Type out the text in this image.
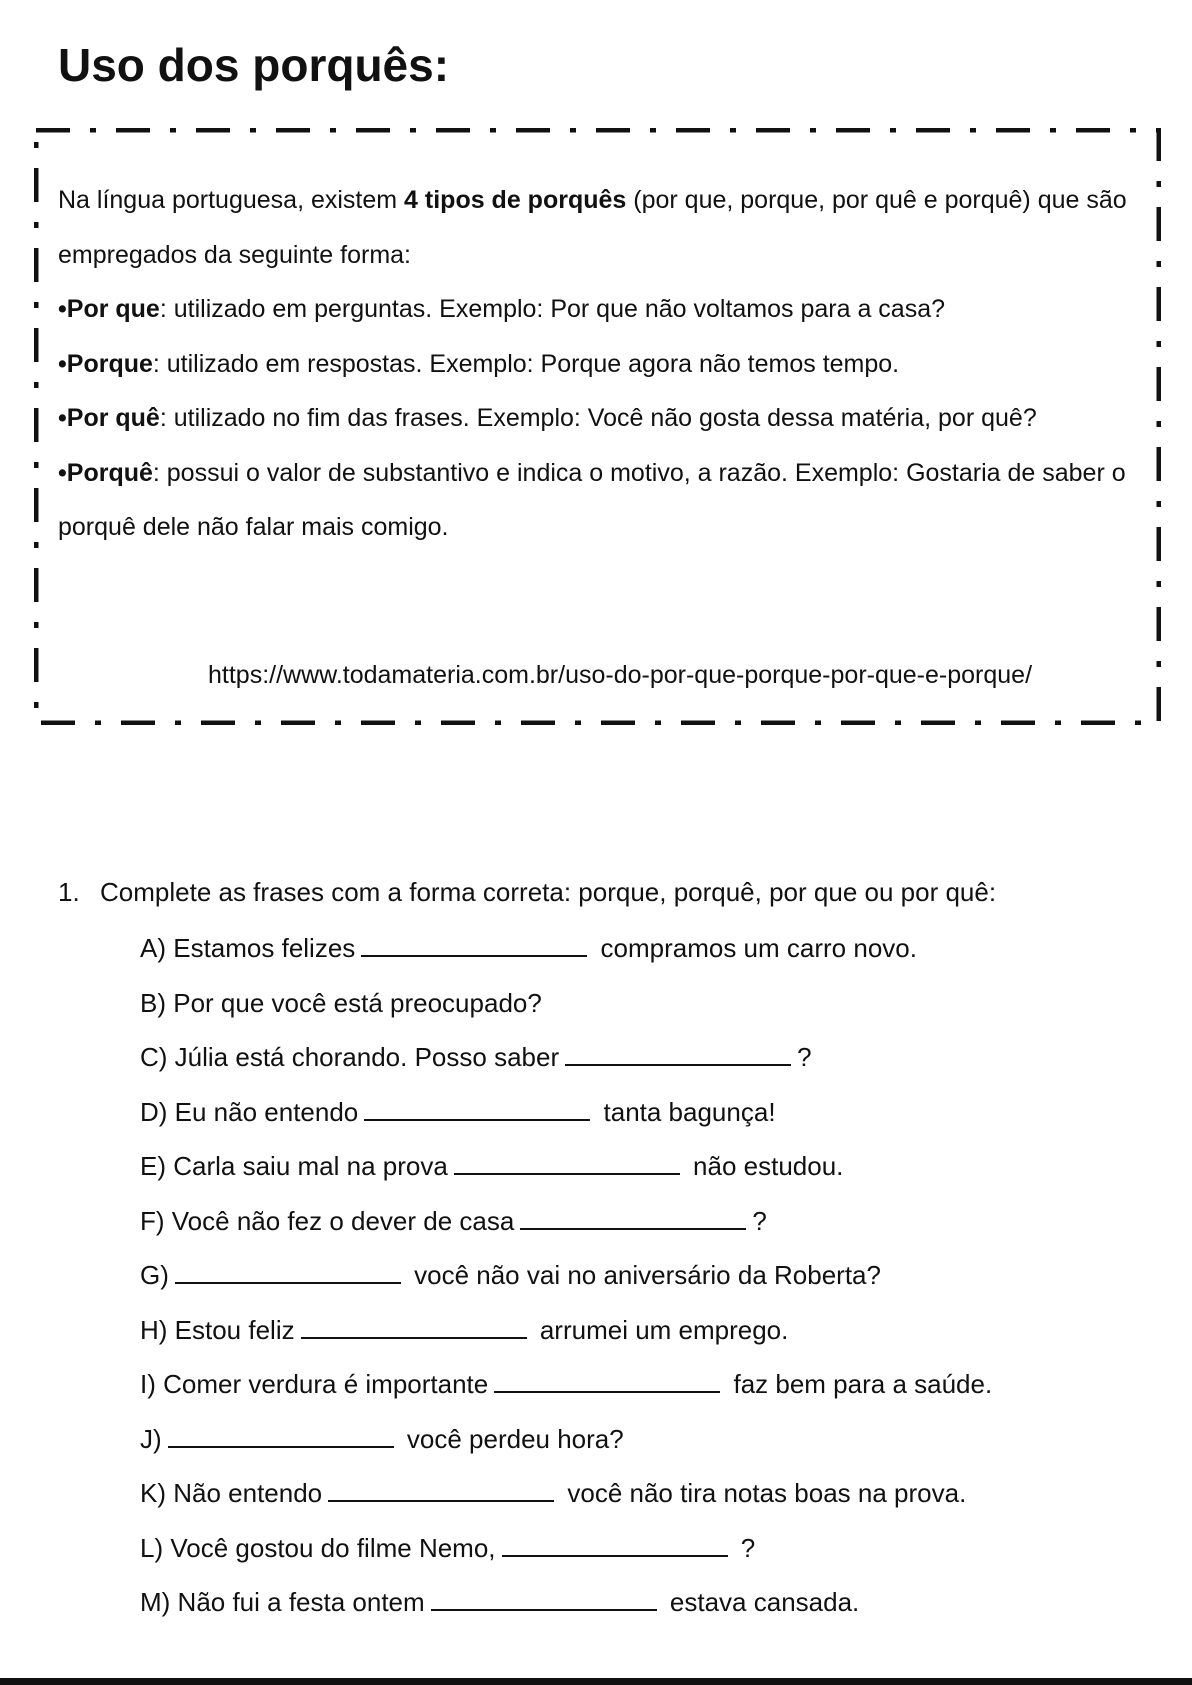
Uso dos porquês:

Na língua portuguesa, existem 4 tipos de porquês (por que, porque, por quê e porquê) que são empregados da seguinte forma:

•Por que: utilizado em perguntas. Exemplo: Por que não voltamos para a casa?

•Porque: utilizado em respostas. Exemplo: Porque agora não temos tempo.

•Por quê: utilizado no fim das frases. Exemplo: Você não gosta dessa matéria, por quê?

•Porquê: possui o valor de substantivo e indica o motivo, a razão. Exemplo: Gostaria de saber o porquê dele não falar mais comigo.

https://www.todamateria.com.br/uso-do-por-que-porque-por-que-e-porque/
1. Complete as frases com a forma correta: porque, porquê, por que ou por quê:
A) Estamos felizes	compramos um carro novo.
B) Por que você está preocupado?
C) Júlia está chorando. Posso saber	?
D) Eu não entendo	tanta bagunça!
E) Carla saiu mal na prova	não estudou.
F) Você não fez o dever de casa	?
G)	você não vai no aniversário da Roberta?
H) Estou feliz	arrumei um emprego.
I) Comer verdura é importante	faz bem para a saúde.
J)	você perdeu hora?
K) Não entendo	você não tira notas boas na prova.
L) Você gostou do filme Nemo,	?
M) Não fui a festa ontem	estava cansada.
